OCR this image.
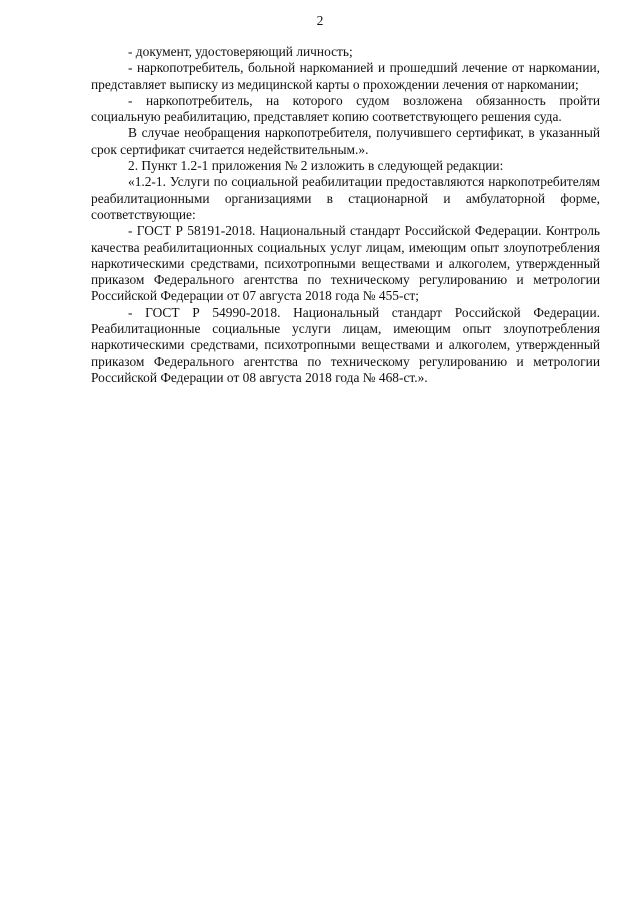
2

- документ, удостоверяющий личность;

- наркопотребитель, больной наркоманией и прошедший лечение от наркомании, представляет выписку из медицинской карты о прохождении лечения от наркомании;

- наркопотребитель, на которого судом возложена обязанность пройти социальную реабилитацию, представляет копию соответствующего решения суда.

В случае необращения наркопотребителя, получившего сертификат, в указанный срок сертификат считается недействительным.».

2. Пункт 1.2-1 приложения № 2 изложить в следующей редакции:

«1.2-1. Услуги по социальной реабилитации предоставляются наркопотребителям реабилитационными организациями в стационарной и амбулаторной форме, соответствующие:

- ГОСТ Р 58191-2018. Национальный стандарт Российской Федерации. Контроль качества реабилитационных социальных услуг лицам, имеющим опыт злоупотребления наркотическими средствами, психотропными веществами и алкоголем, утвержденный приказом Федерального агентства по техническому регулированию и метрологии Российской Федерации от 07 августа 2018 года № 455-ст;

- ГОСТ Р 54990-2018. Национальный стандарт Российской Федерации. Реабилитационные социальные услуги лицам, имеющим опыт злоупотребления наркотическими средствами, психотропными веществами и алкоголем, утвержденный приказом Федерального агентства по техническому регулированию и метрологии Российской Федерации от 08 августа 2018 года № 468-ст.».
